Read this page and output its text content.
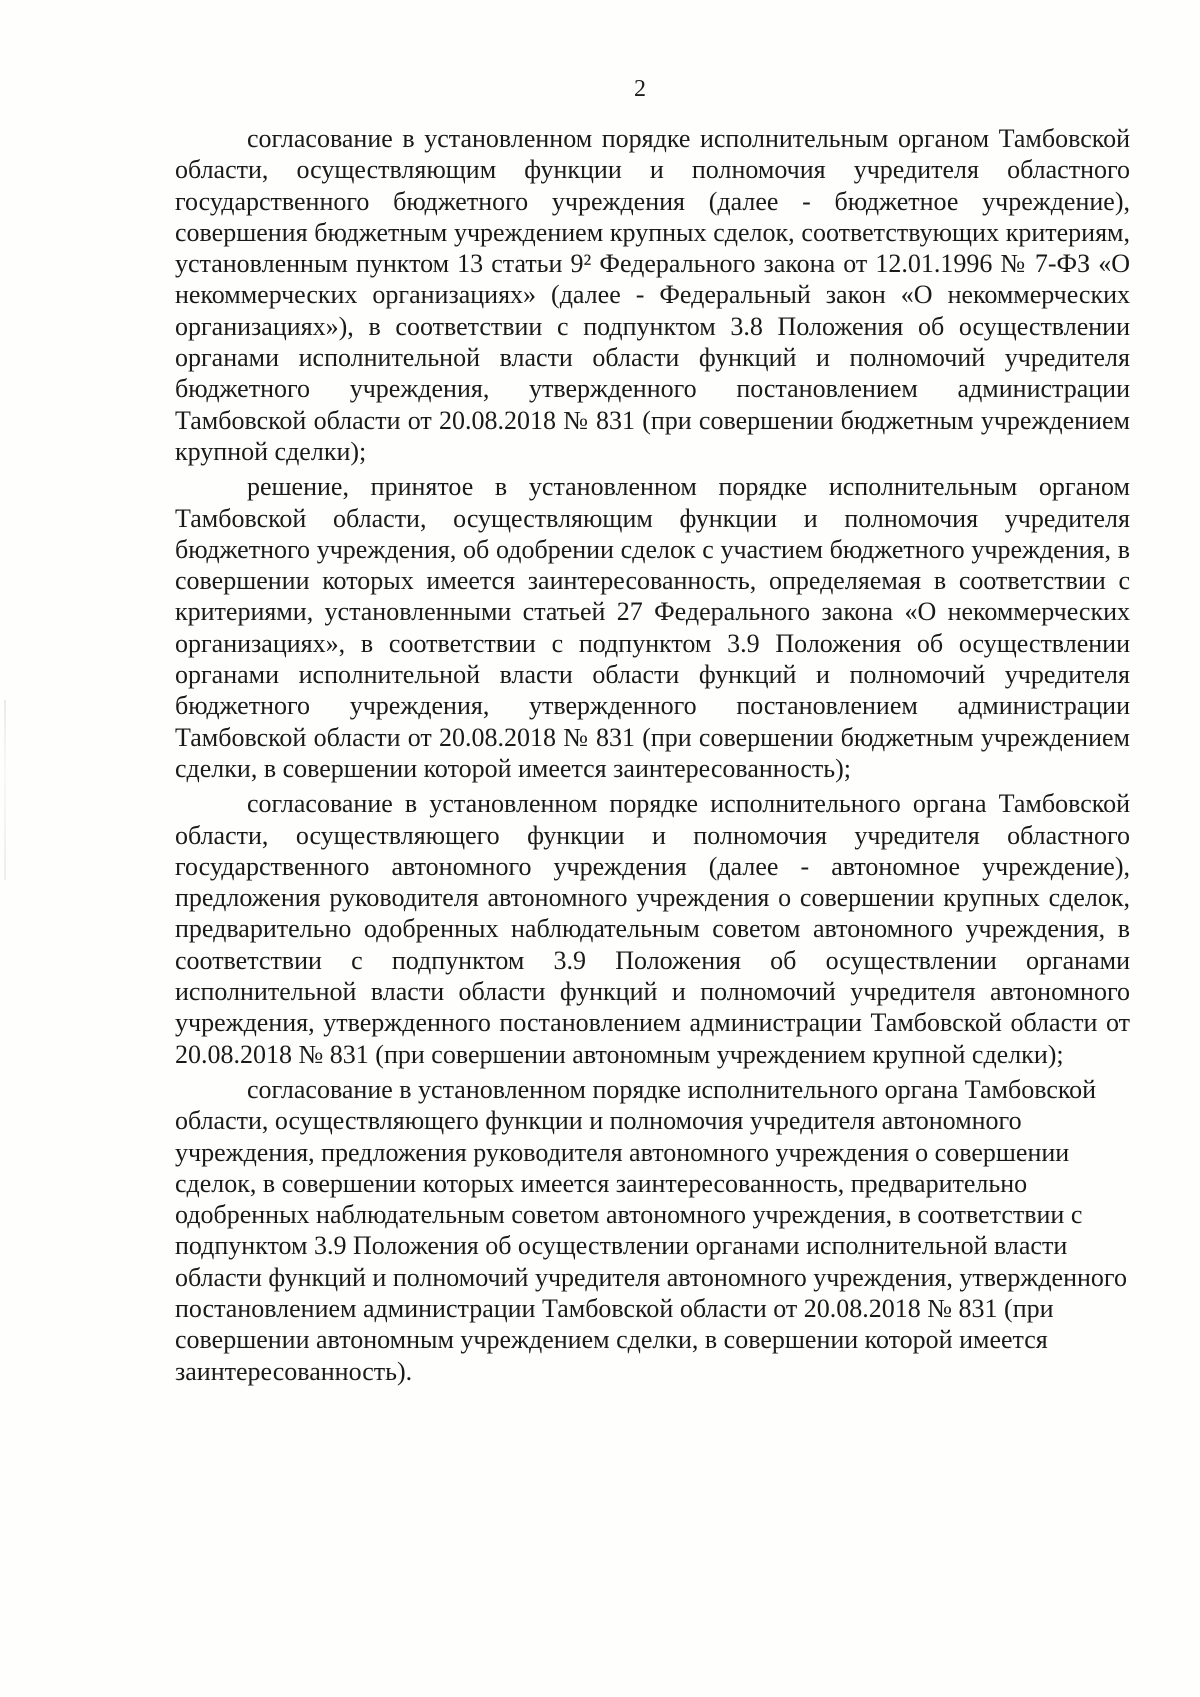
2

согласование в установленном порядке исполнительным органом Тамбовской области, осуществляющим функции и полномочия учредителя областного государственного бюджетного учреждения (далее - бюджетное учреждение), совершения бюджетным учреждением крупных сделок, соответствующих критериям, установленным пунктом 13 статьи 9² Федерального закона от 12.01.1996 № 7-ФЗ «О некоммерческих организациях» (далее - Федеральный закон «О некоммерческих организациях»), в соответствии с подпунктом 3.8 Положения об осуществлении органами исполнительной власти области функций и полномочий учредителя бюджетного учреждения, утвержденного постановлением администрации Тамбовской области от 20.08.2018 № 831 (при совершении бюджетным учреждением крупной сделки);

решение, принятое в установленном порядке исполнительным органом Тамбовской области, осуществляющим функции и полномочия учредителя бюджетного учреждения, об одобрении сделок с участием бюджетного учреждения, в совершении которых имеется заинтересованность, определяемая в соответствии с критериями, установленными статьей 27 Федерального закона «О некоммерческих организациях», в соответствии с подпунктом 3.9 Положения об осуществлении органами исполнительной власти области функций и полномочий учредителя бюджетного учреждения, утвержденного постановлением администрации Тамбовской области от 20.08.2018 № 831 (при совершении бюджетным учреждением сделки, в совершении которой имеется заинтересованность);

согласование в установленном порядке исполнительного органа Тамбовской области, осуществляющего функции и полномочия учредителя областного государственного автономного учреждения (далее - автономное учреждение), предложения руководителя автономного учреждения о совершении крупных сделок, предварительно одобренных наблюдательным советом автономного учреждения, в соответствии с подпунктом 3.9 Положения об осуществлении органами исполнительной власти области функций и полномочий учредителя автономного учреждения, утвержденного постановлением администрации Тамбовской области от 20.08.2018 № 831 (при совершении автономным учреждением крупной сделки);

согласование в установленном порядке исполнительного органа Тамбовской области, осуществляющего функции и полномочия учредителя автономного учреждения, предложения руководителя автономного учреждения о совершении сделок, в совершении которых имеется заинтересованность, предварительно одобренных наблюдательным советом автономного учреждения, в соответствии с подпунктом 3.9 Положения об осуществлении органами исполнительной власти области функций и полномочий учредителя автономного учреждения, утвержденного постановлением администрации Тамбовской области от 20.08.2018 № 831 (при совершении автономным учреждением сделки, в совершении которой имеется заинтересованность).
